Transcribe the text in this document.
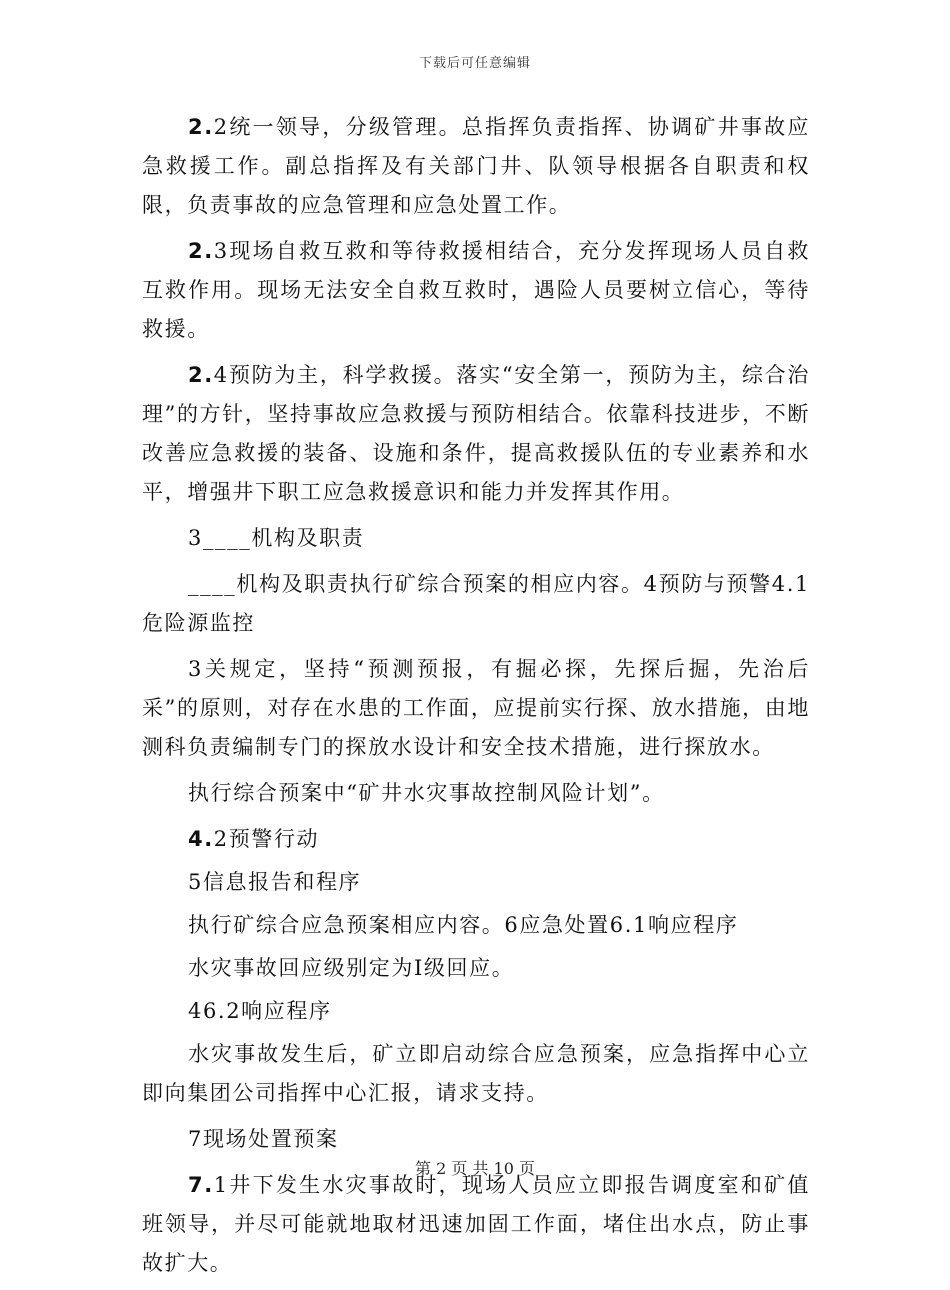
下载后可任意编辑

2.2统一领导，分级管理。总指挥负责指挥、协调矿井事故应急救援工作。副总指挥及有关部门井、队领导根据各自职责和权限，负责事故的应急管理和应急处置工作。

2.3现场自救互救和等待救援相结合，充分发挥现场人员自救互救作用。现场无法安全自救互救时，遇险人员要树立信心，等待救援。

2.4预防为主，科学救援。落实“安全第一，预防为主，综合治理”的方针，坚持事故应急救援与预防相结合。依靠科技进步，不断改善应急救援的装备、设施和条件，提高救援队伍的专业素养和水平，增强井下职工应急救援意识和能力并发挥其作用。

3____机构及职责

____机构及职责执行矿综合预案的相应内容。4预防与预警4.1危险源监控

3关规定，坚持“预测预报，有掘必探，先探后掘，先治后采”的原则，对存在水患的工作面，应提前实行探、放水措施，由地测科负责编制专门的探放水设计和安全技术措施，进行探放水。

执行综合预案中“矿井水灾事故控制风险计划”。

4.2预警行动

5信息报告和程序

执行矿综合应急预案相应内容。6应急处置6.1响应程序

水灾事故回应级别定为Ⅰ级回应。

46.2响应程序

水灾事故发生后，矿立即启动综合应急预案，应急指挥中心立即向集团公司指挥中心汇报，请求支持。

7现场处置预案

7.1井下发生水灾事故时，现场人员应立即报告调度室和矿值班领导，并尽可能就地取材迅速加固工作面，堵住出水点，防止事故扩大。

第 2 页 共 10 页
